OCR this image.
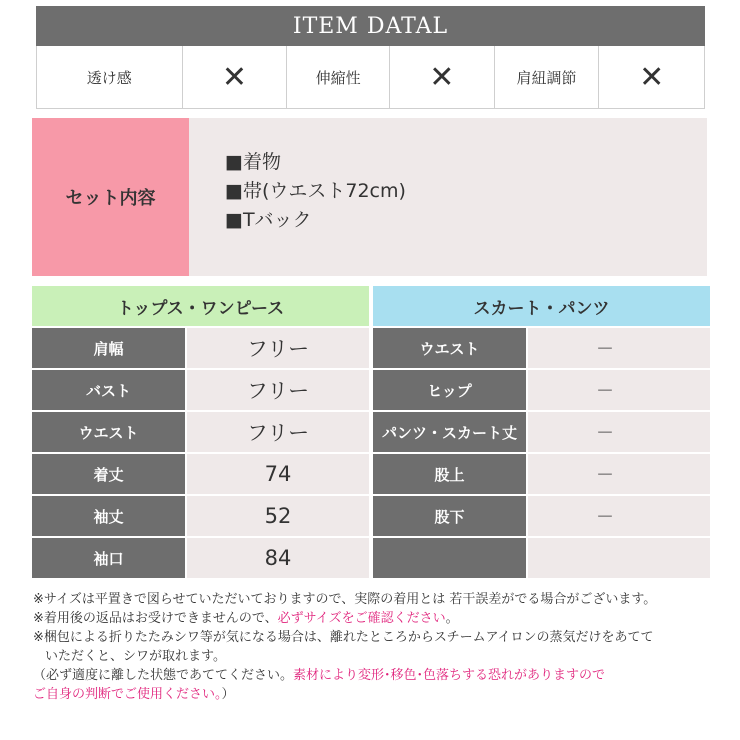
ITEM DATAL
透け感	✕	伸縮性	✕	肩紐調節	✕
セット内容
■着物
■帯(ウエスト72cm)
■Tバック
トップス・ワンピース
肩幅	フリー
バスト	フリー
ウエスト	フリー
着丈	74
袖丈	52
袖口	84
スカート・パンツ
ウエスト	－
ヒップ	－
パンツ・スカート丈	－
股上	－
股下	－

※サイズは平置きで図らせていただいておりますので、実際の着用とは 若干誤差がでる場合がございます。

※着用後の返品はお受けできませんので、必ずサイズをご確認ください。

※梱包による折りたたみシワ等が気になる場合は、離れたところからスチームアイロンの蒸気だけをあてて

いただくと、シワが取れます。

（必ず適度に離した状態であててください。素材により変形･移色･色落ちする恐れがありますので

ご自身の判断でご使用ください。）
